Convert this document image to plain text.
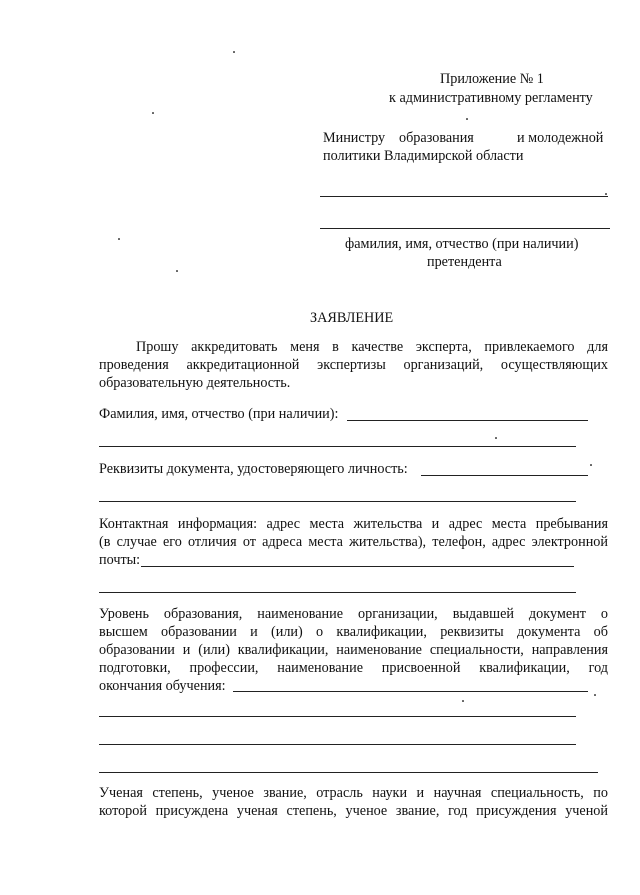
Приложение № 1
к административному регламенту
Министру образования	и молодежной
политики Владимирской области
фамилия, имя, отчество (при наличии)
претендента
ЗАЯВЛЕНИЕ
Прошу аккредитовать меня в качестве эксперта, привлекаемого для
проведения аккредитационной экспертизы организаций, осуществляющих
образовательную деятельность.
Фамилия, имя, отчество (при наличии):
Реквизиты документа, удостоверяющего личность:
Контактная информация: адрес места жительства и адрес места пребывания
(в случае его отличия от адреса места жительства), телефон, адрес электронной
почты:
Уровень образования, наименование организации, выдавшей документ о
высшем образовании и (или) о квалификации, реквизиты документа об
образовании и (или) квалификации, наименование специальности, направления
подготовки, профессии, наименование присвоенной квалификации, год
окончания обучения:
Ученая степень, ученое звание, отрасль науки и научная специальность, по
которой присуждена ученая степень, ученое звание, год присуждения ученой
